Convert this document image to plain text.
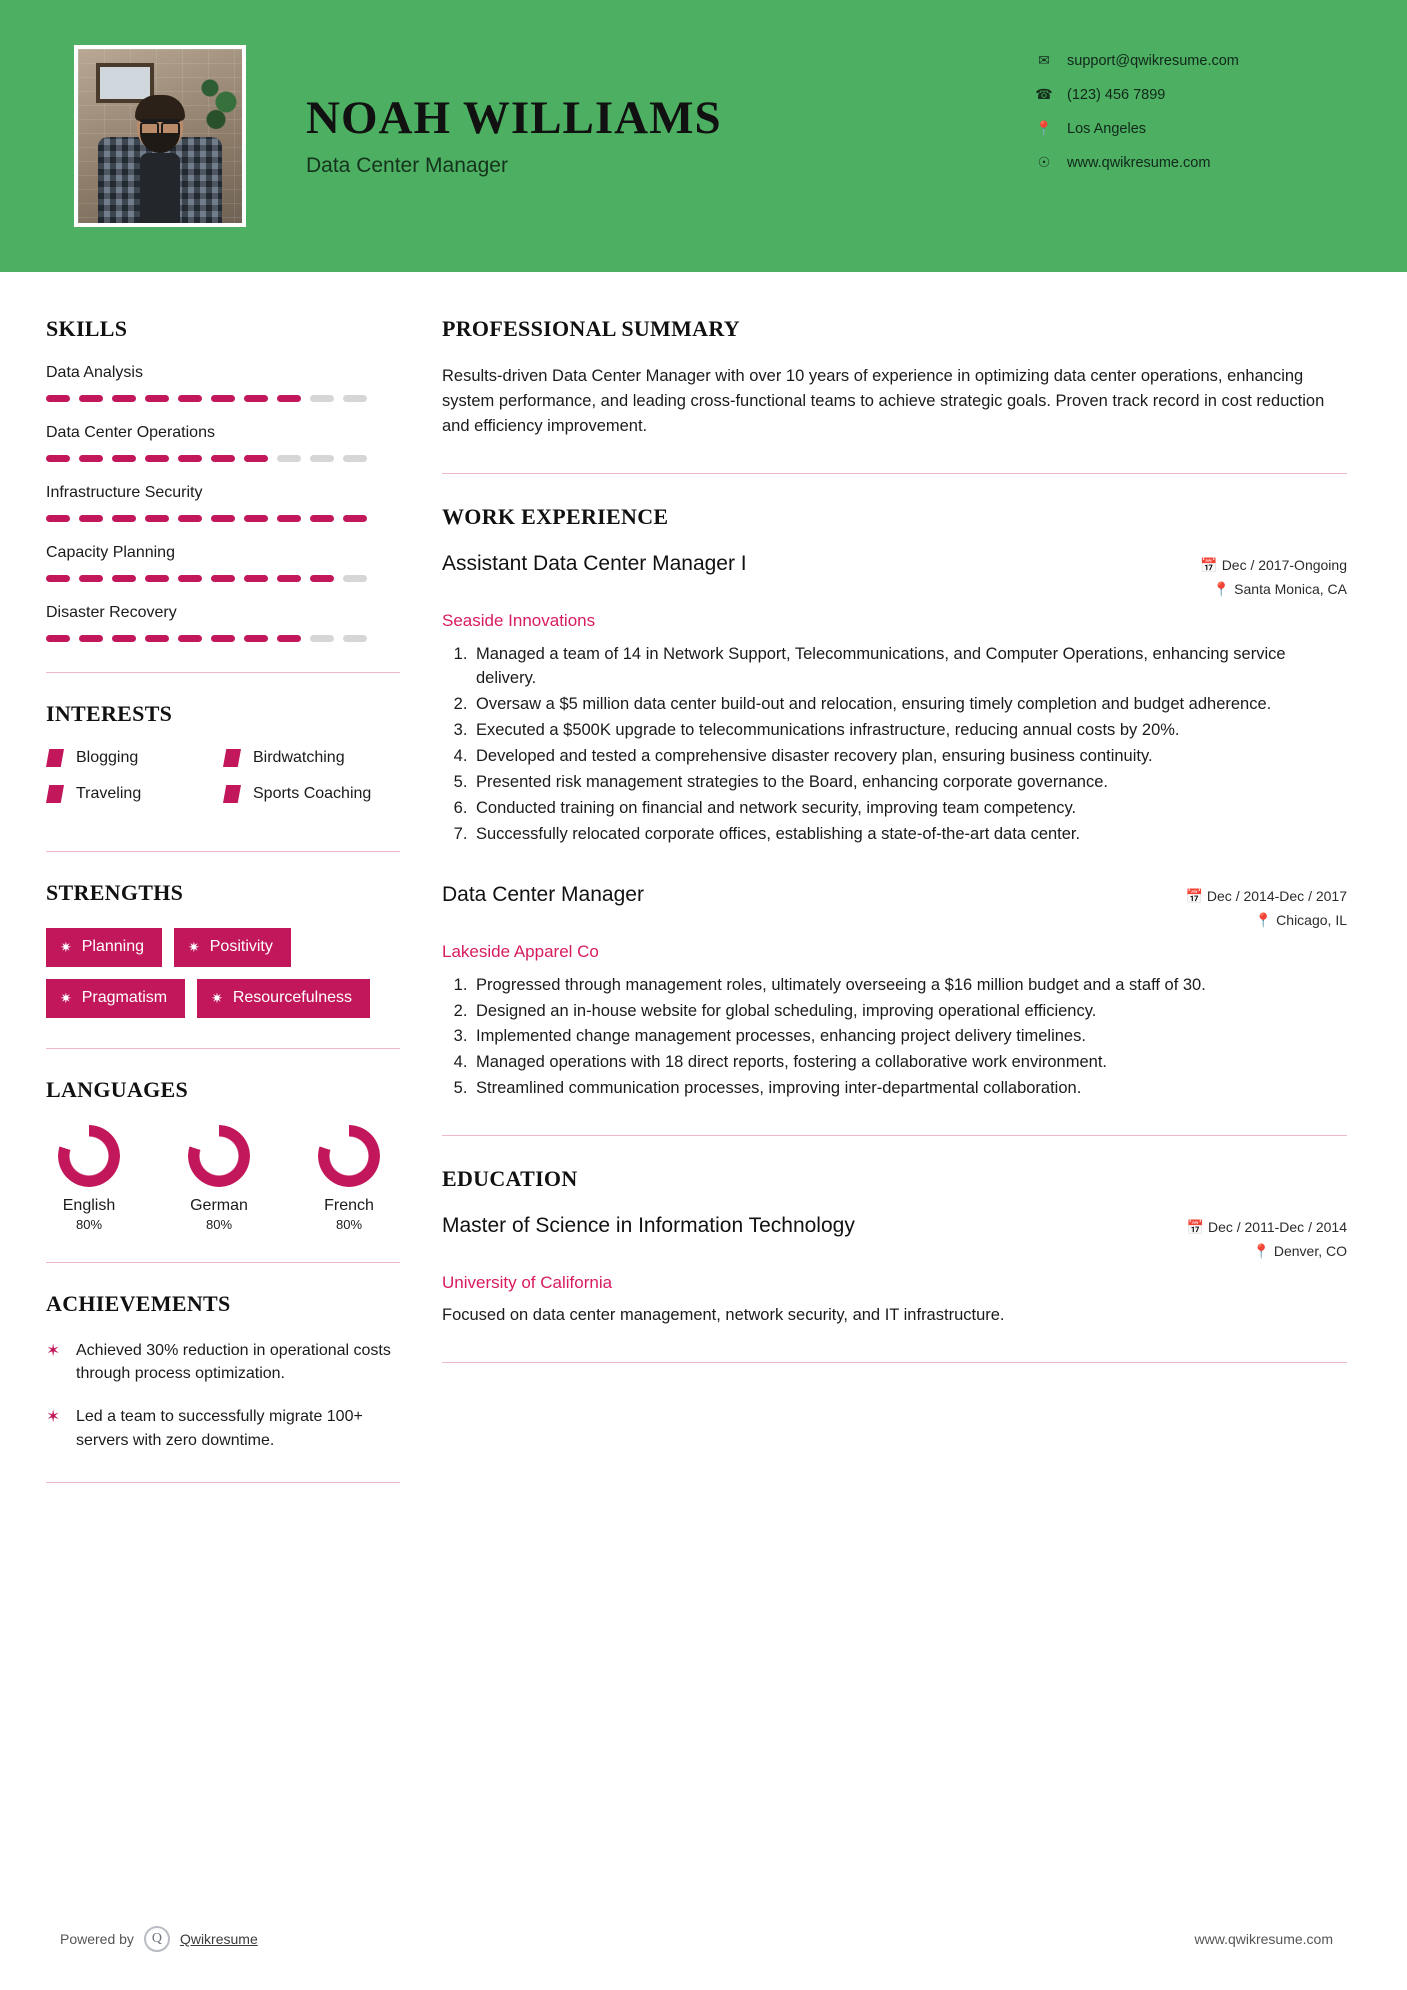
NOAH WILLIAMS
Data Center Manager
✉	support@qwikresume.com
☎ (123) 456 7899
📍 Los Angeles
☉	www.qwikresume.com
SKILLS
Data Analysis
Data Center Operations
Infrastructure Security
Capacity Planning
Disaster Recovery
INTERESTS
Blogging	Birdwatching
Traveling	Sports Coaching
STRENGTHS
✷ Planning	✷ Positivity
✷ Pragmatism	✷ Resourcefulness
LANGUAGES
English
80%
German
80%
French
80%
ACHIEVEMENTS
✶ Achieved 30% reduction in operational costs through process optimization.
✶ Led a team to successfully migrate 100+ servers with zero downtime.
PROFESSIONAL SUMMARY
Results-driven Data Center Manager with over 10 years of experience in optimizing data center operations, enhancing system performance, and leading cross-functional teams to achieve strategic goals. Proven track record in cost reduction and efficiency improvement.
WORK EXPERIENCE
Assistant Data Center Manager I	📅 Dec / 2017-Ongoing
📍 Santa Monica, CA
Seaside Innovations
1. Managed a team of 14 in Network Support, Telecommunications, and Computer Operations, enhancing service delivery.
2. Oversaw a $5 million data center build-out and relocation, ensuring timely completion and budget adherence.
3. Executed a $500K upgrade to telecommunications infrastructure, reducing annual costs by 20%.
4. Developed and tested a comprehensive disaster recovery plan, ensuring business continuity.
5. Presented risk management strategies to the Board, enhancing corporate governance.
6. Conducted training on financial and network security, improving team competency.
7. Successfully relocated corporate offices, establishing a state-of-the-art data center.
Data Center Manager	📅 Dec / 2014-Dec / 2017
📍 Chicago, IL
Lakeside Apparel Co
1. Progressed through management roles, ultimately overseeing a $16 million budget and a staff of 30.
2. Designed an in-house website for global scheduling, improving operational efficiency.
3. Implemented change management processes, enhancing project delivery timelines.
4. Managed operations with 18 direct reports, fostering a collaborative work environment.
5. Streamlined communication processes, improving inter-departmental collaboration.
EDUCATION
Master of Science in Information Technology	📅 Dec / 2011-Dec / 2014
📍 Denver, CO
University of California
Focused on data center management, network security, and IT infrastructure.
Powered by	Q	Qwikresume	www.qwikresume.com
